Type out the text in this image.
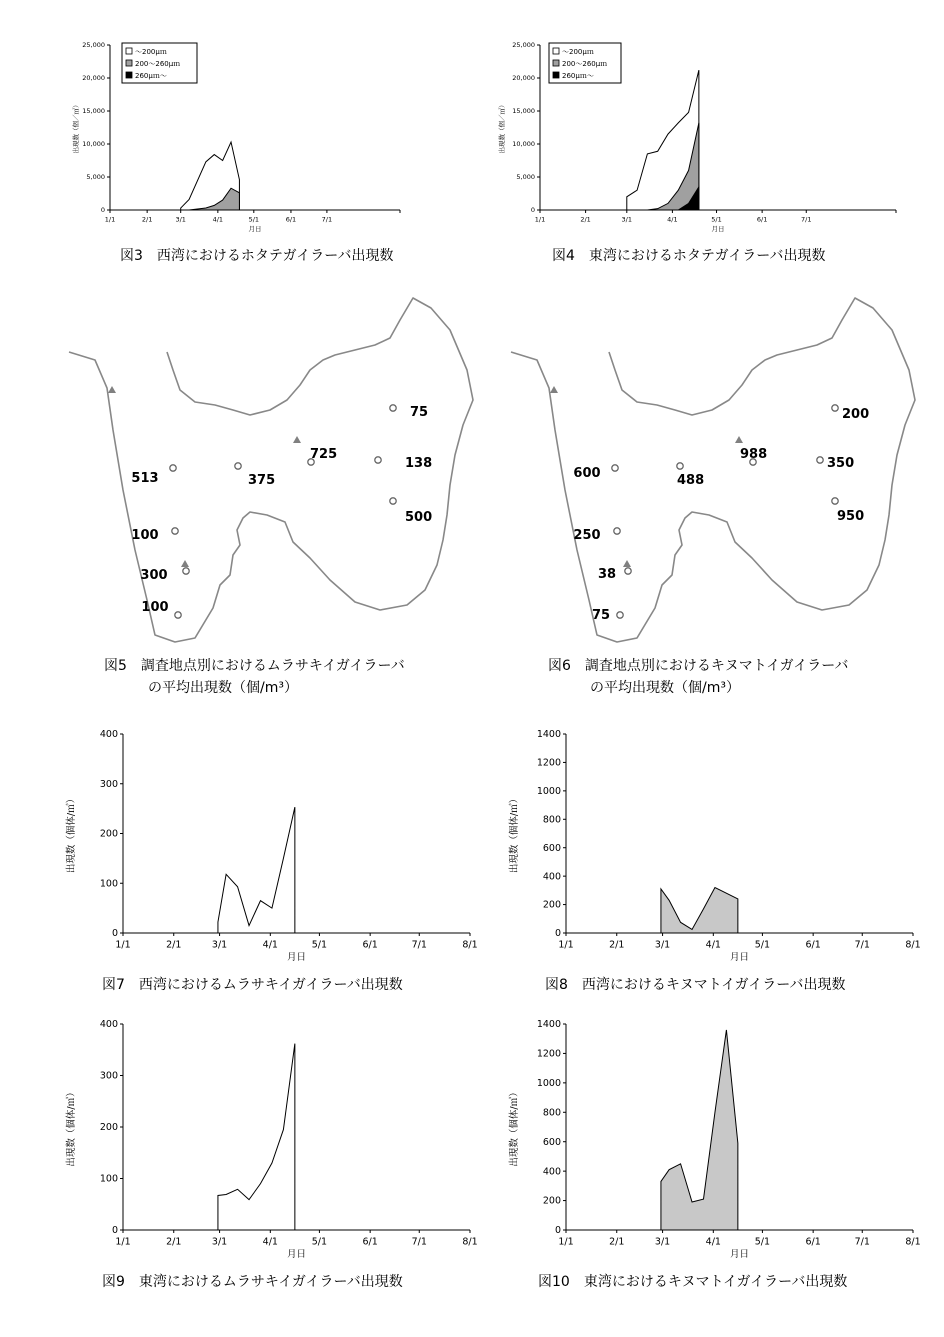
0
5,000
10,000
15,000
20,000
25,000
1/1	2/1	3/1	4/1	5/1	6/1	7/1
月日
出現数（個／㎥）
～200μｍ
200～260μｍ
260μｍ～
図3　西湾におけるホタテガイラーバ出現数
0
5,000
10,000
15,000
20,000
25,000
1/1	2/1	3/1	4/1	5/1	6/1	7/1
月日
出現数（個／㎥）
～200μｍ
200～260μｍ
260μｍ～
図4　東湾におけるホタテガイラーバ出現数
513	375
725
138
75
500
100
300
100
図5　調査地点別におけるムラサキイガイラーバ
の平均出現数（個/m³）
600	488
988
350
200
950
250
38
75
図6　調査地点別におけるキヌマトイガイラーバ
の平均出現数（個/m³）
0
100
200
300
400
1/1	2/1	3/1	4/1	5/1	6/1	7/1	8/1
月日
出現数（個体/㎥）
図7　西湾におけるムラサキイガイラーバ出現数
0
200
400
600
800
1000
1200
1400
1/1	2/1	3/1	4/1	5/1	6/1	7/1	8/1
月日
出現数（個体/㎥）
図8　西湾におけるキヌマトイガイラーバ出現数
0
100
200
300
400
1/1	2/1	3/1	4/1	5/1	6/1	7/1	8/1
月日
出現数（個体/㎥）
図9　東湾におけるムラサキイガイラーバ出現数
0
200
400
600
800
1000
1200
1400
1/1	2/1	3/1	4/1	5/1	6/1	7/1	8/1
月日
出現数（個体/㎥）
図10　東湾におけるキヌマトイガイラーバ出現数
